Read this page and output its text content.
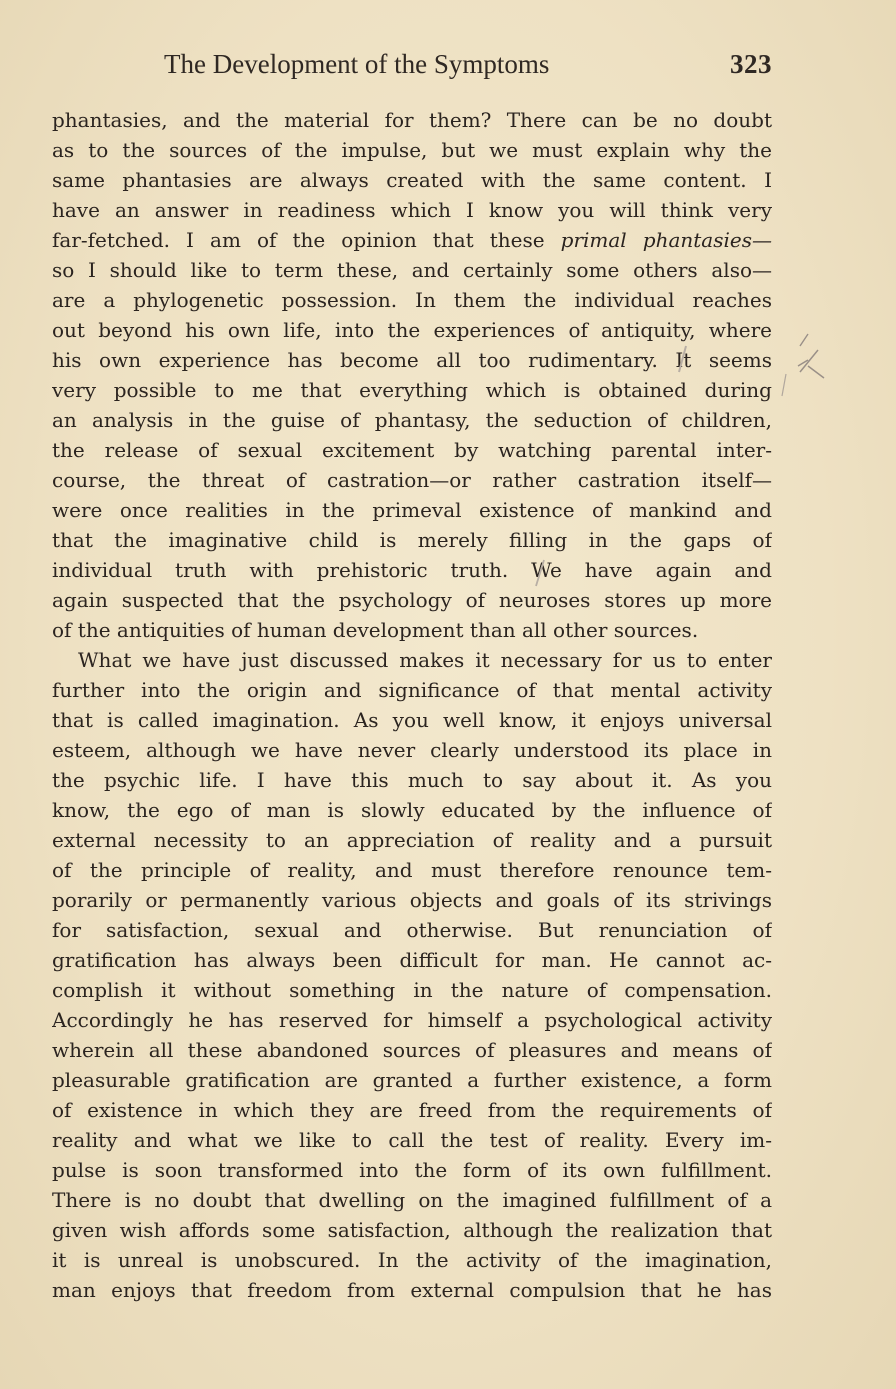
The Development of the Symptoms	323
phantasies, and the material for them? There can be no doubt
as to the sources of the impulse, but we must explain why the
same phantasies are always created with the same content. I
have an answer in readiness which I know you will think very
far-fetched. I am of the opinion that these primal phantasies—
so I should like to term these, and certainly some others also—
are a phylogenetic possession. In them the individual reaches
out beyond his own life, into the experiences of antiquity, where
his own experience has become all too rudimentary. It seems
very possible to me that everything which is obtained during
an analysis in the guise of phantasy, the seduction of children,
the release of sexual excitement by watching parental inter-
course, the threat of castration—or rather castration itself—
were once realities in the primeval existence of mankind and
that the imaginative child is merely filling in the gaps of
individual truth with prehistoric truth. We have again and
again suspected that the psychology of neuroses stores up more
of the antiquities of human development than all other sources.
What we have just discussed makes it necessary for us to enter
further into the origin and significance of that mental activity
that is called imagination. As you well know, it enjoys universal
esteem, although we have never clearly understood its place in
the psychic life. I have this much to say about it. As you
know, the ego of man is slowly educated by the influence of
external necessity to an appreciation of reality and a pursuit
of the principle of reality, and must therefore renounce tem-
porarily or permanently various objects and goals of its strivings
for satisfaction, sexual and otherwise. But renunciation of
gratification has always been difficult for man. He cannot ac-
complish it without something in the nature of compensation.
Accordingly he has reserved for himself a psychological activity
wherein all these abandoned sources of pleasures and means of
pleasurable gratification are granted a further existence, a form
of existence in which they are freed from the requirements of
reality and what we like to call the test of reality. Every im-
pulse is soon transformed into the form of its own fulfillment.
There is no doubt that dwelling on the imagined fulfillment of a
given wish affords some satisfaction, although the realization that
it is unreal is unobscured. In the activity of the imagination,
man enjoys that freedom from external compulsion that he has
